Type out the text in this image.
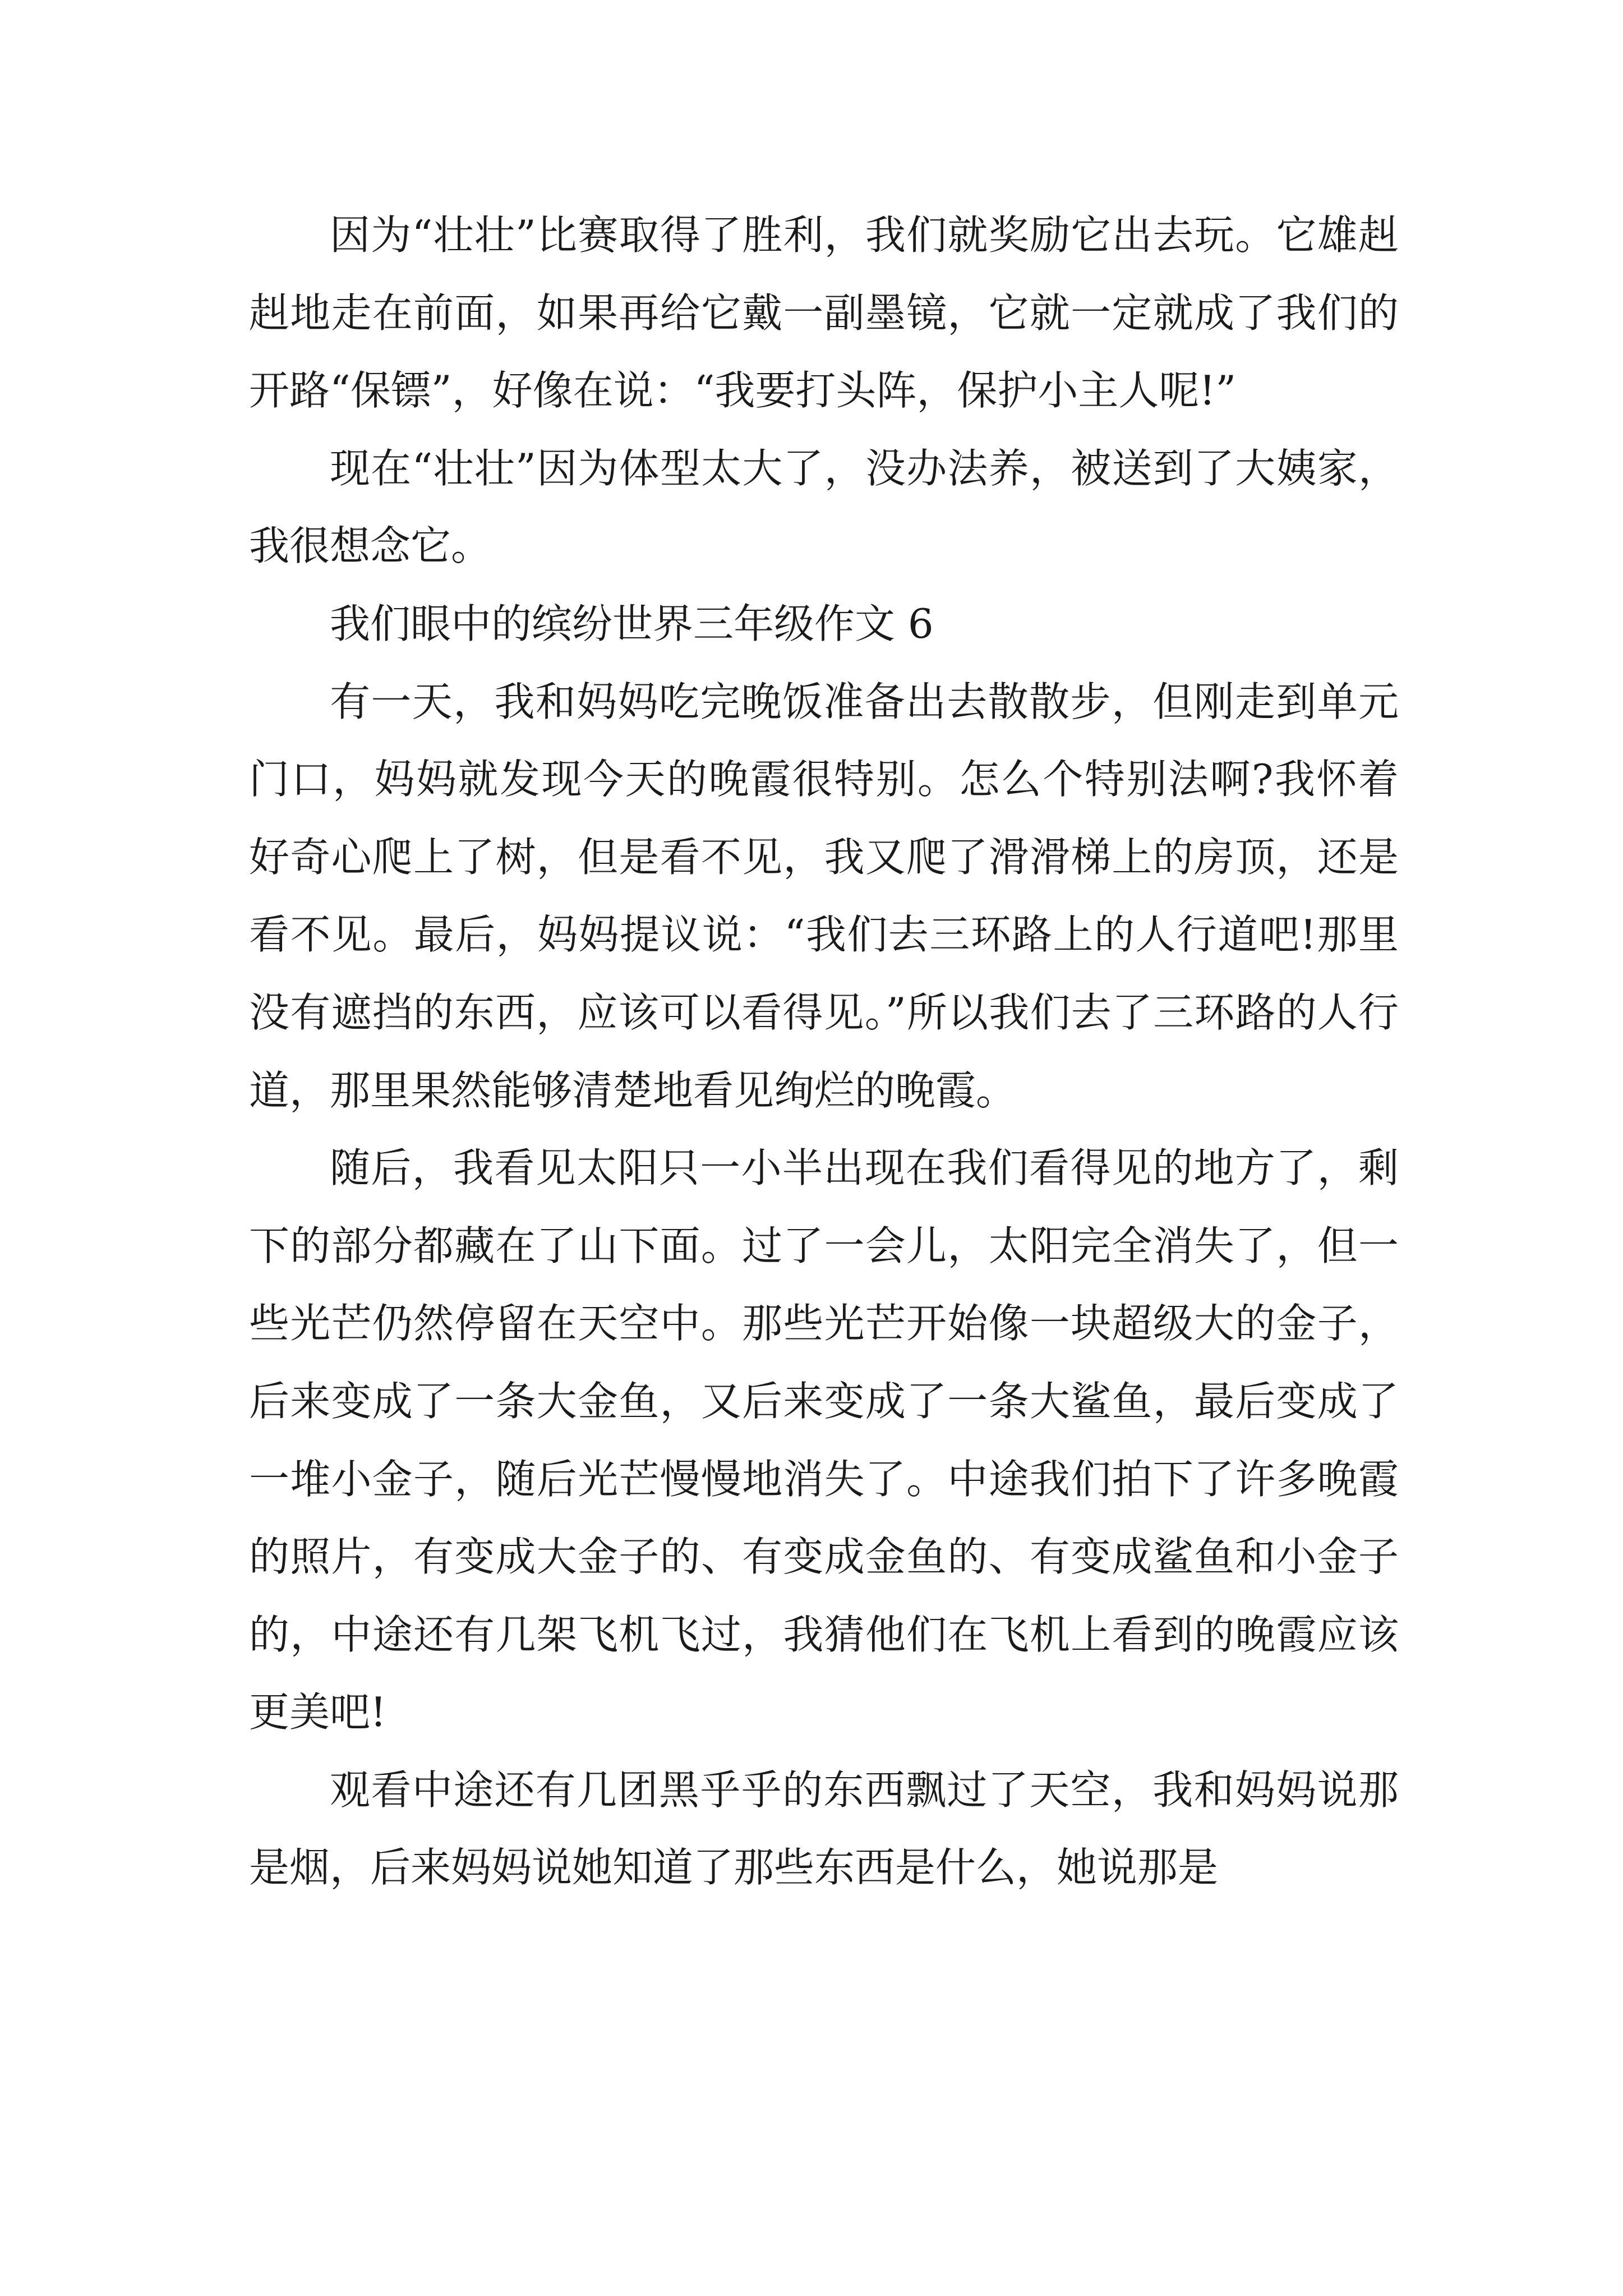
因为“壮壮”比赛取得了胜利，我们就奖励它出去玩。它雄赳赳地走在前面，如果再给它戴一副墨镜，它就一定就成了我们的开路“保镖”，好像在说：“我要打头阵，保护小主人呢!”

现在“壮壮”因为体型太大了，没办法养，被送到了大姨家，我很想念它。

我们眼中的缤纷世界三年级作文 6

有一天，我和妈妈吃完晚饭准备出去散散步，但刚走到单元门口，妈妈就发现今天的晚霞很特别。怎么个特别法啊?我怀着好奇心爬上了树，但是看不见，我又爬了滑滑梯上的房顶，还是看不见。最后，妈妈提议说：“我们去三环路上的人行道吧!那里没有遮挡的东西，应该可以看得见。”所以我们去了三环路的人行道，那里果然能够清楚地看见绚烂的晚霞。

随后，我看见太阳只一小半出现在我们看得见的地方了，剩下的部分都藏在了山下面。过了一会儿，太阳完全消失了，但一些光芒仍然停留在天空中。那些光芒开始像一块超级大的金子，后来变成了一条大金鱼，又后来变成了一条大鲨鱼，最后变成了一堆小金子，随后光芒慢慢地消失了。中途我们拍下了许多晚霞的照片，有变成大金子的、有变成金鱼的、有变成鲨鱼和小金子的，中途还有几架飞机飞过，我猜他们在飞机上看到的晚霞应该更美吧!

观看中途还有几团黑乎乎的东西飘过了天空，我和妈妈说那是烟，后来妈妈说她知道了那些东西是什么，她说那是
